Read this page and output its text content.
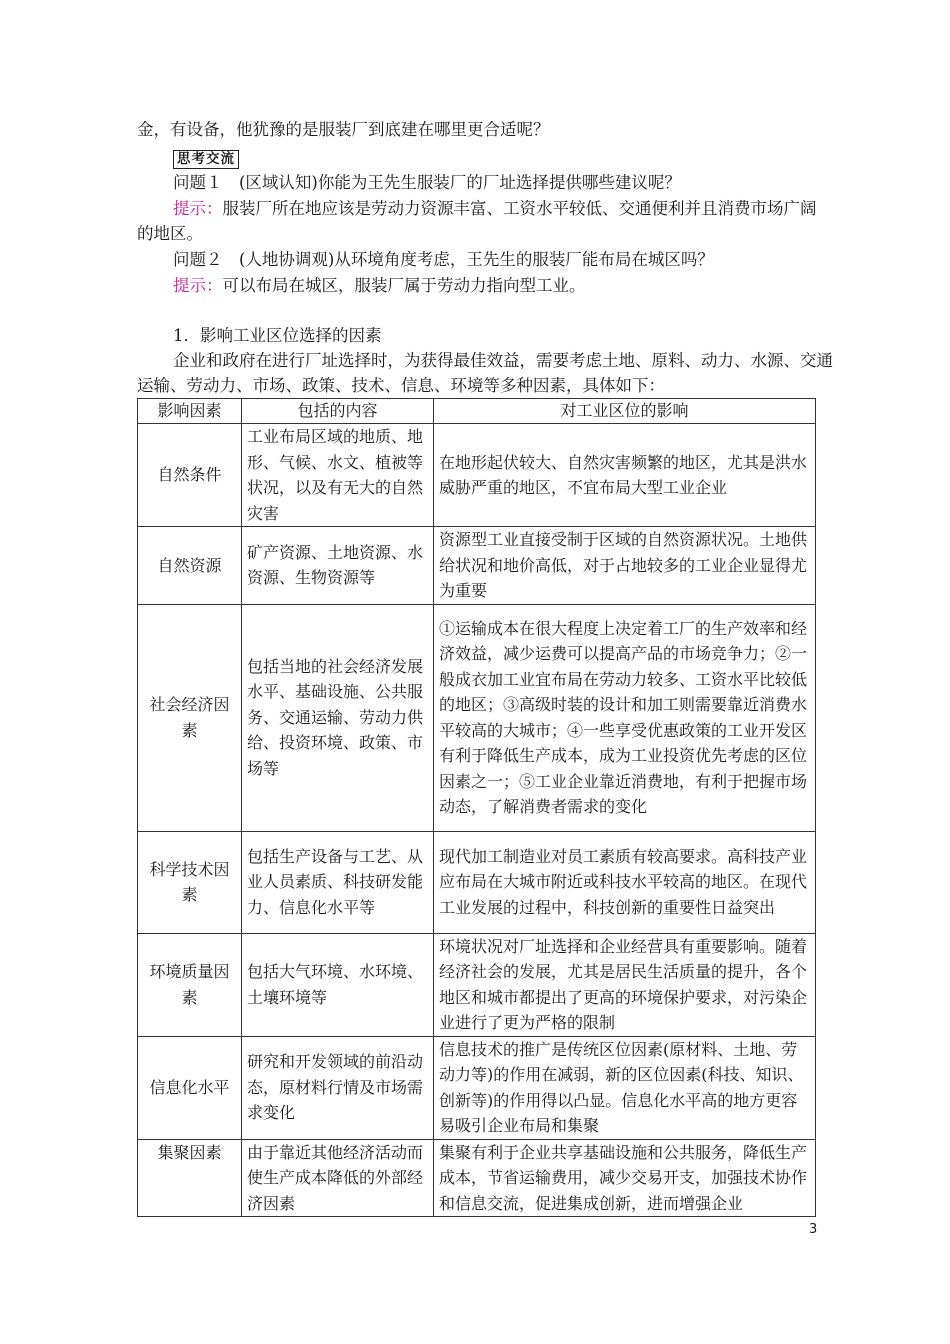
金，有设备，他犹豫的是服装厂到底建在哪里更合适呢？
思考交流
问题１　(区域认知)你能为王先生服装厂的厂址选择提供哪些建议呢？
提示：服装厂所在地应该是劳动力资源丰富、工资水平较低、交通便利并且消费市场广阔
的地区。
问题２　(人地协调观)从环境角度考虑，王先生的服装厂能布局在城区吗？
提示：可以布局在城区，服装厂属于劳动力指向型工业。
1．影响工业区位选择的因素
企业和政府在进行厂址选择时，为获得最佳效益，需要考虑土地、原料、动力、水源、交通
运输、劳动力、市场、政策、技术、信息、环境等多种因素，具体如下：
影响因素	包括的内容	对工业区位的影响
自然条件	工业布局区域的地质、地形、气候、水文、植被等状况，以及有无大的自然灾害	在地形起伏较大、自然灾害频繁的地区，尤其是洪水威胁严重的地区，不宜布局大型工业企业
自然资源	矿产资源、土地资源、水资源、生物资源等	资源型工业直接受制于区域的自然资源状况。土地供给状况和地价高低，对于占地较多的工业企业显得尤为重要
社会经济因素	包括当地的社会经济发展水平、基础设施、公共服务、交通运输、劳动力供给、投资环境、政策、市场等	①运输成本在很大程度上决定着工厂的生产效率和经济效益，减少运费可以提高产品的市场竞争力；②一般成衣加工业宜布局在劳动力较多、工资水平比较低的地区；③高级时装的设计和加工则需要靠近消费水平较高的大城市；④一些享受优惠政策的工业开发区有利于降低生产成本，成为工业投资优先考虑的区位因素之一；⑤工业企业靠近消费地，有利于把握市场动态，了解消费者需求的变化
科学技术因素	包括生产设备与工艺、从业人员素质、科技研发能力、信息化水平等	现代加工制造业对员工素质有较高要求。高科技产业应布局在大城市附近或科技水平较高的地区。在现代工业发展的过程中，科技创新的重要性日益突出
环境质量因素	包括大气环境、水环境、土壤环境等	环境状况对厂址选择和企业经营具有重要影响。随着经济社会的发展，尤其是居民生活质量的提升，各个地区和城市都提出了更高的环境保护要求，对污染企业进行了更为严格的限制
信息化水平	研究和开发领域的前沿动态，原材料行情及市场需求变化	信息技术的推广是传统区位因素(原材料、土地、劳动力等)的作用在减弱，新的区位因素(科技、知识、创新等)的作用得以凸显。信息化水平高的地方更容易吸引企业布局和集聚
集聚因素	由于靠近其他经济活动而使生产成本降低的外部经济因素	集聚有利于企业共享基础设施和公共服务，降低生产成本，节省运输费用，减少交易开支，加强技术协作和信息交流，促进集成创新，进而增强企业
3
